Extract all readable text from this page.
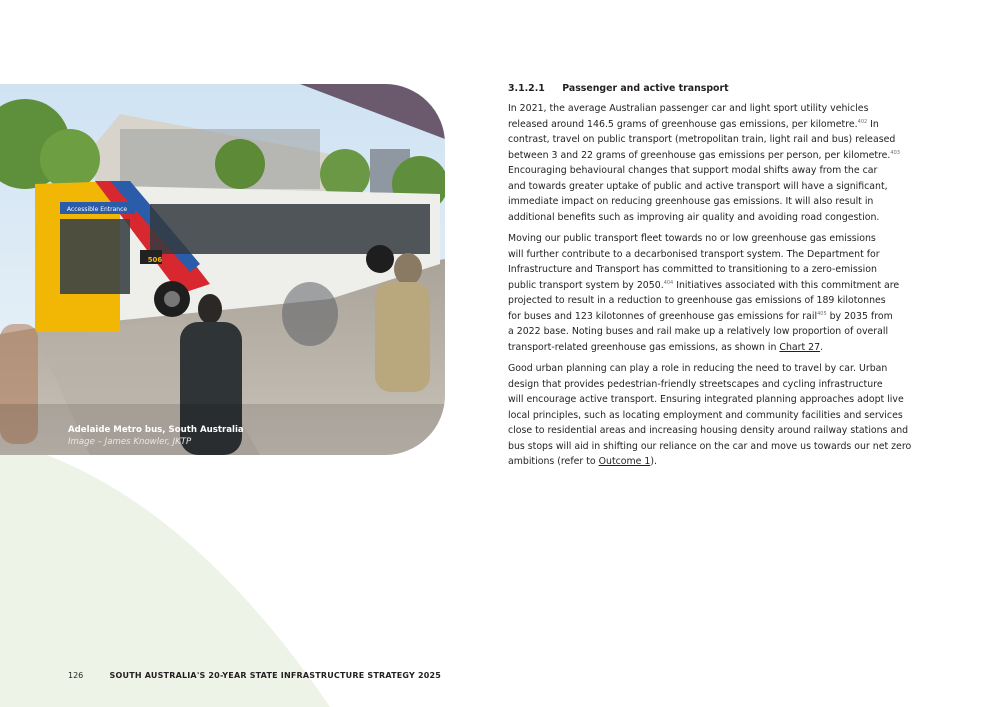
Accessible Entrance
506
Adelaide Metro bus, South Australia
Image – James Knowler, JKTP
3.1.2.1 Passenger and active transport
In 2021, the average Australian passenger car and light sport utility vehicles
released around 146.5 grams of greenhouse gas emissions, per kilometre.$^{402}$ In
contrast, travel on public transport (metropolitan train, light rail and bus) released
between 3 and 22 grams of greenhouse gas emissions per person, per kilometre.$^{403}$
Encouraging behavioural changes that support modal shifts away from the car
and towards greater uptake of public and active transport will have a significant,
immediate impact on reducing greenhouse gas emissions. It will also result in
additional benefits such as improving air quality and avoiding road congestion.
Moving our public transport fleet towards no or low greenhouse gas emissions
will further contribute to a decarbonised transport system. The Department for
Infrastructure and Transport has committed to transitioning to a zero-emission
public transport system by 2050.$^{404}$ Initiatives associated with this commitment are
projected to result in a reduction to greenhouse gas emissions of 189 kilotonnes
for buses and 123 kilotonnes of greenhouse gas emissions for rail$^{405}$ by 2035 from
a 2022 base. Noting buses and rail make up a relatively low proportion of overall
transport-related greenhouse gas emissions, as shown in Chart 27.
Good urban planning can play a role in reducing the need to travel by car. Urban
design that provides pedestrian-friendly streetscapes and cycling infrastructure
will encourage active transport. Ensuring integrated planning approaches adopt live
local principles, such as locating employment and community facilities and services
close to residential areas and increasing housing density around railway stations and
bus stops will aid in shifting our reliance on the car and move us towards our net zero
ambitions (refer to Outcome 1).
126	SOUTH AUSTRALIA'S 20-YEAR STATE INFRASTRUCTURE STRATEGY 2025
